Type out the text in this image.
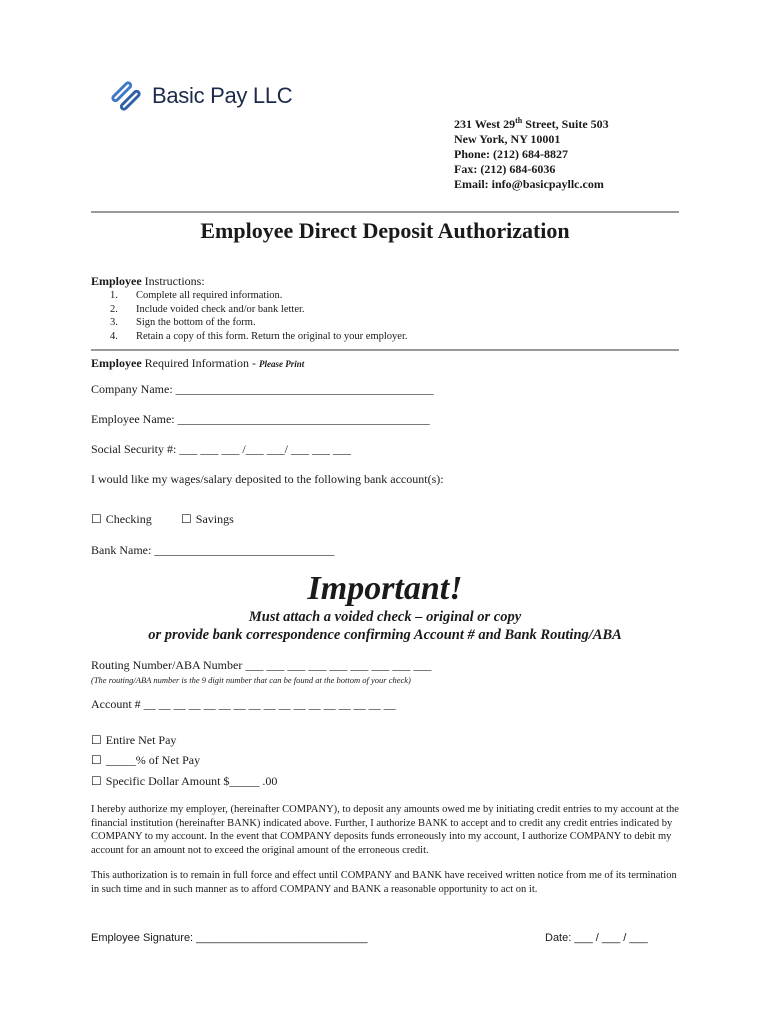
Basic Pay LLC
231 West 29th Street, Suite 503
New York, NY 10001
Phone: (212) 684-8827
Fax: (212) 684-6036
Email: info@basicpayllc.com
Employee Direct Deposit Authorization
Employee Instructions:
1. Complete all required information.
2. Include voided check and/or bank letter.
3. Sign the bottom of the form.
4. Retain a copy of this form. Return the original to your employer.
Employee Required Information - Please Print
Company Name: ___________________________________________
Employee Name: __________________________________________
Social Security #: ___ ___ ___ /___ ___/ ___ ___ ___
I would like my wages/salary deposited to the following bank account(s):
☐ Checking ☐ Savings
Bank Name: ______________________________
Important!
Must attach a voided check – original or copy
or provide bank correspondence confirming Account # and Bank Routing/ABA
Routing Number/ABA Number ___ ___ ___ ___ ___ ___ ___ ___ ___
(The routing/ABA number is the 9 digit number that can be found at the bottom of your check)
Account # __ __ __ __ __ __ __ __ __ __ __ __ __ __ __ __ __
☐ Entire Net Pay
☐ _____% of Net Pay
☐ Specific Dollar Amount $_____ .00
I hereby authorize my employer, (hereinafter COMPANY), to deposit any amounts owed me by initiating credit entries to my account at the financial institution (hereinafter BANK) indicated above. Further, I authorize BANK to accept and to credit any credit entries indicated by COMPANY to my account. In the event that COMPANY deposits funds erroneously into my account, I authorize COMPANY to debit my account for an amount not to exceed the original amount of the erroneous credit.
This authorization is to remain in full force and effect until COMPANY and BANK have received written notice from me of its termination in such time and in such manner as to afford COMPANY and BANK a reasonable opportunity to act on it.
Employee Signature: ____________________________	Date: ___ / ___ / ___
